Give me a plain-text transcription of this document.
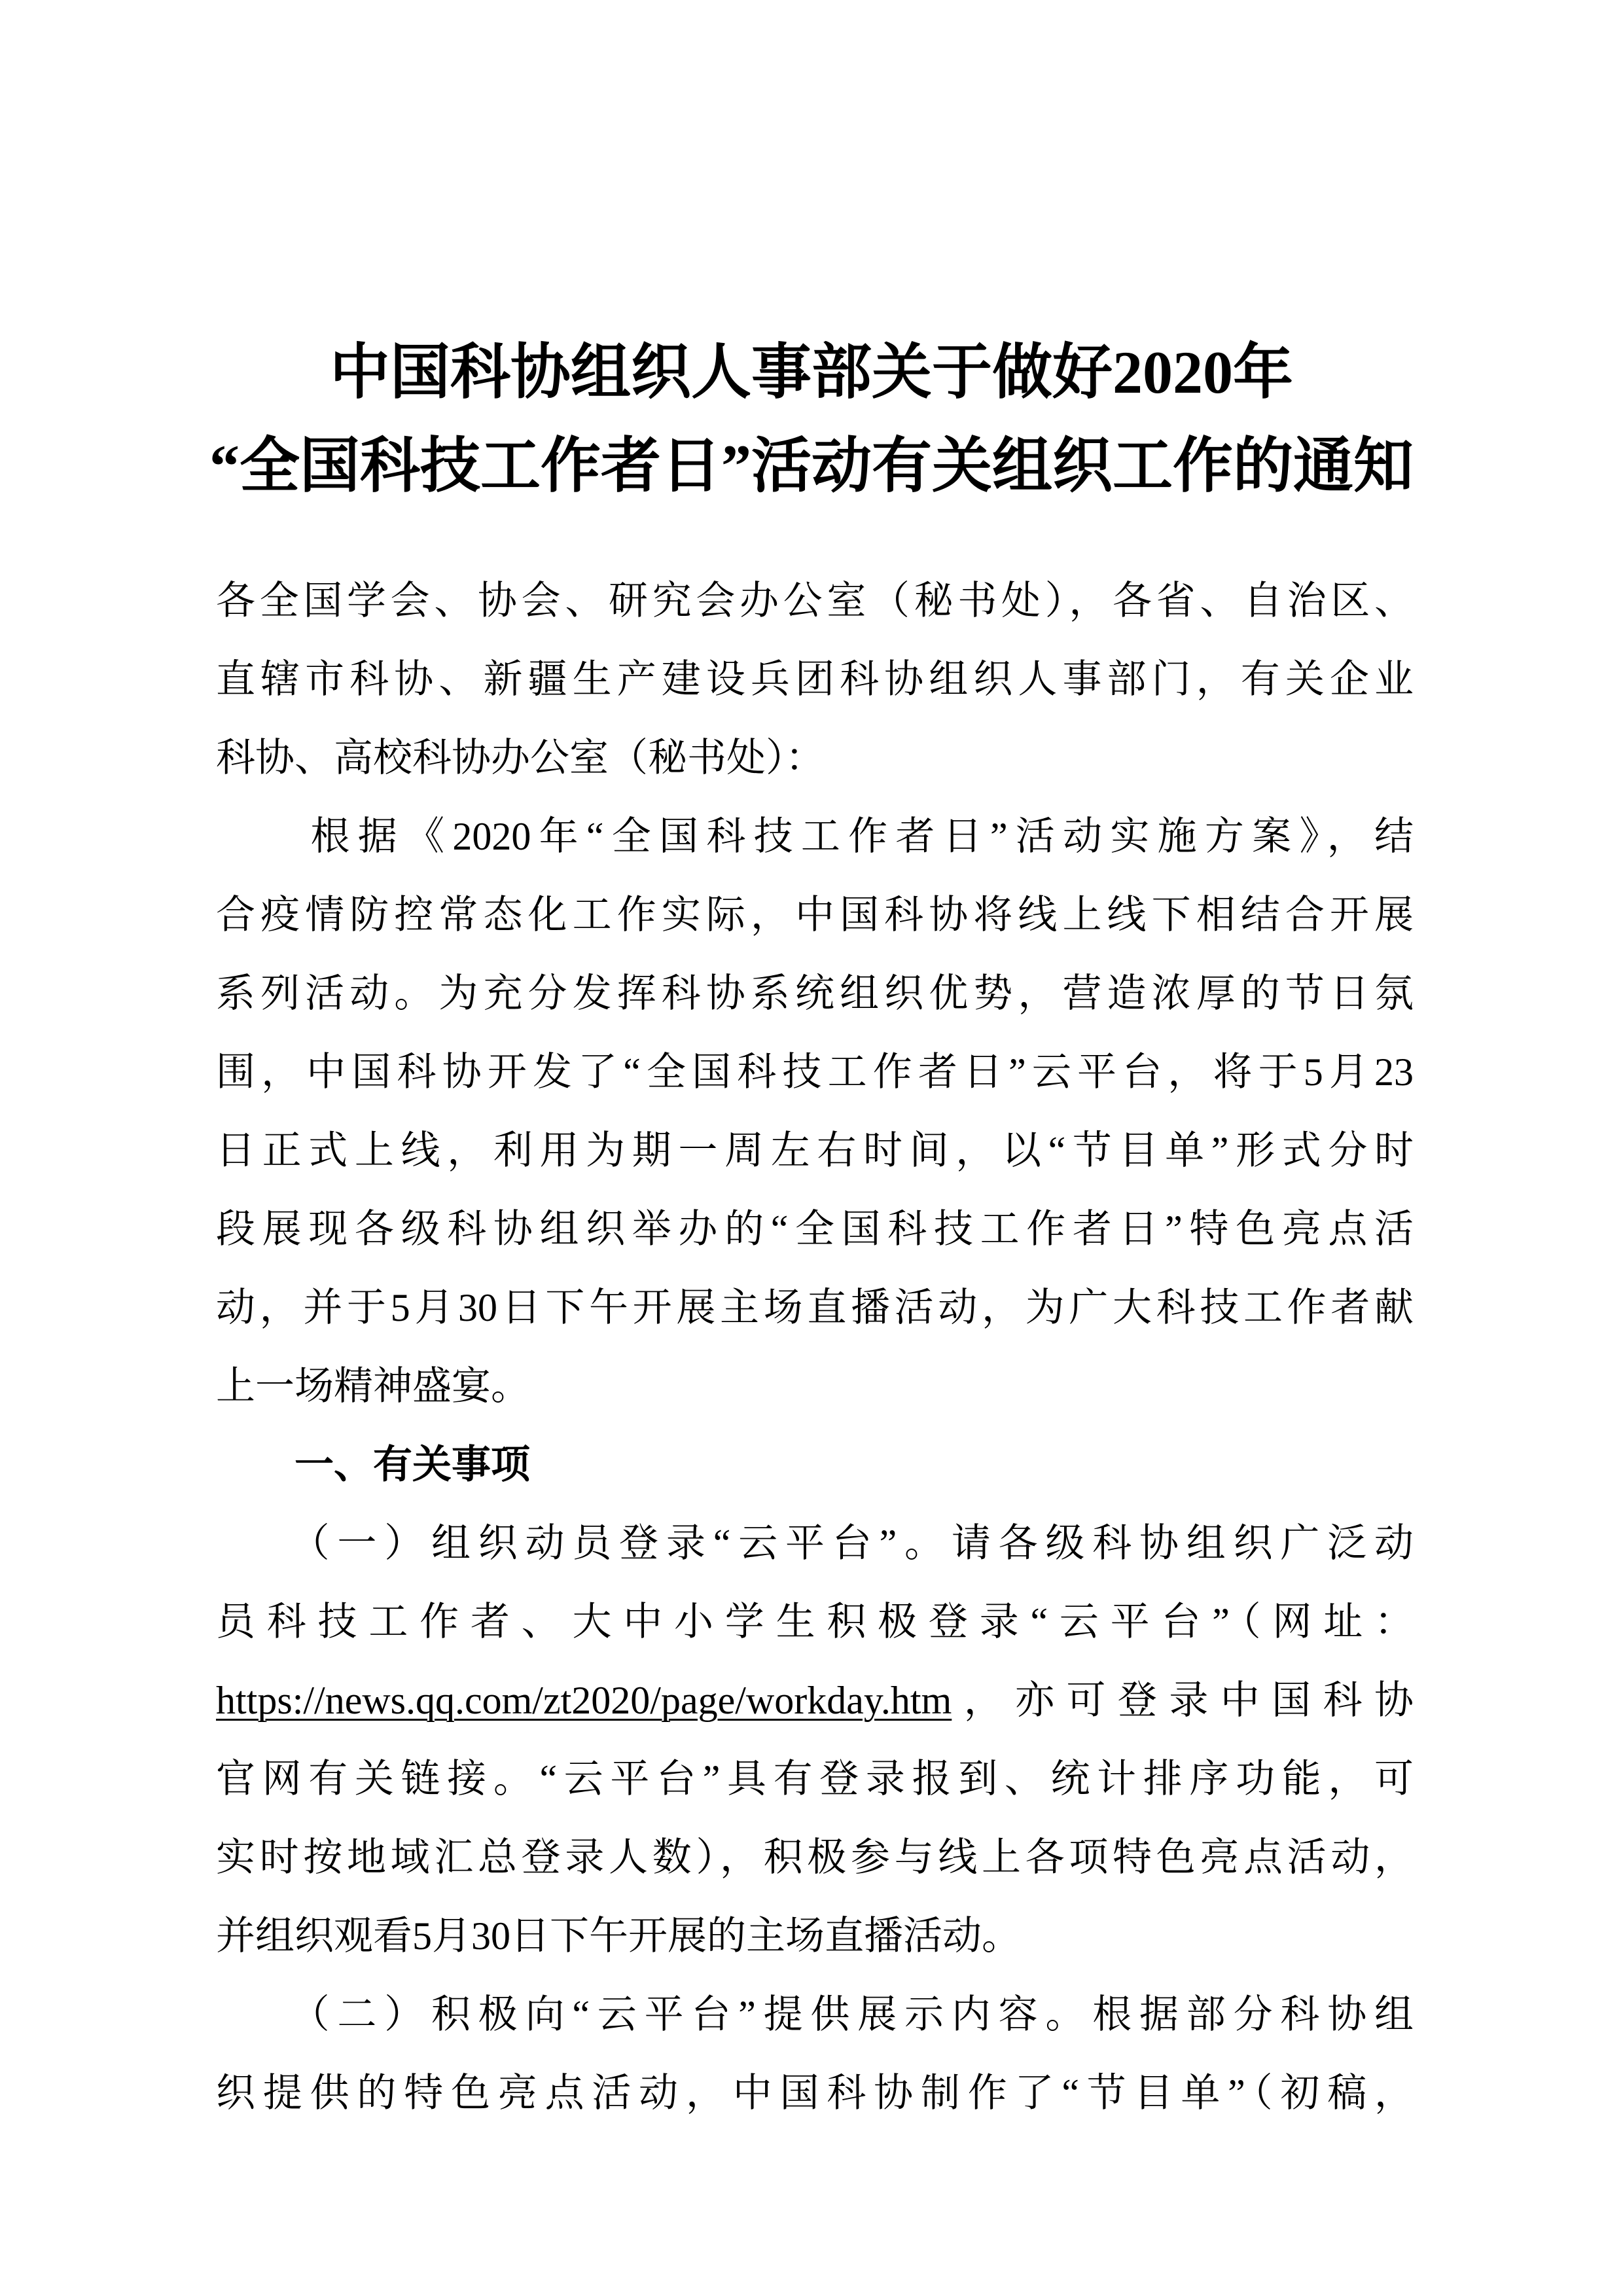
中国科协组织人事部关于做好2020年
“全国科技工作者日”活动有关组织工作的通知
各全国学会、协会、研究会办公室（秘书处），各省、自治区、
直辖市科协、新疆生产建设兵团科协组织人事部门，有关企业
科协、高校科协办公室（秘书处）：
　　根据《2020年“全国科技工作者日”活动实施方案》，结
合疫情防控常态化工作实际，中国科协将线上线下相结合开展
系列活动。为充分发挥科协系统组织优势，营造浓厚的节日氛
围，中国科协开发了“全国科技工作者日”云平台，将于5月23
日正式上线，利用为期一周左右时间，以“节目单”形式分时
段展现各级科协组织举办的“全国科技工作者日”特色亮点活
动，并于5月30日下午开展主场直播活动，为广大科技工作者献
上一场精神盛宴。
　　一、有关事项
　　（一）组织动员登录“云平台”。请各级科协组织广泛动
员科技工作者、大中小学生积极登录“云平台”（网址：
https://news.qq.com/zt2020/page/workday.htm，亦可登录中国科协
官网有关链接。“云平台”具有登录报到、统计排序功能，可
实时按地域汇总登录人数），积极参与线上各项特色亮点活动，
并组织观看5月30日下午开展的主场直播活动。
　　（二）积极向“云平台”提供展示内容。根据部分科协组
织提供的特色亮点活动，中国科协制作了“节目单”（初稿，
